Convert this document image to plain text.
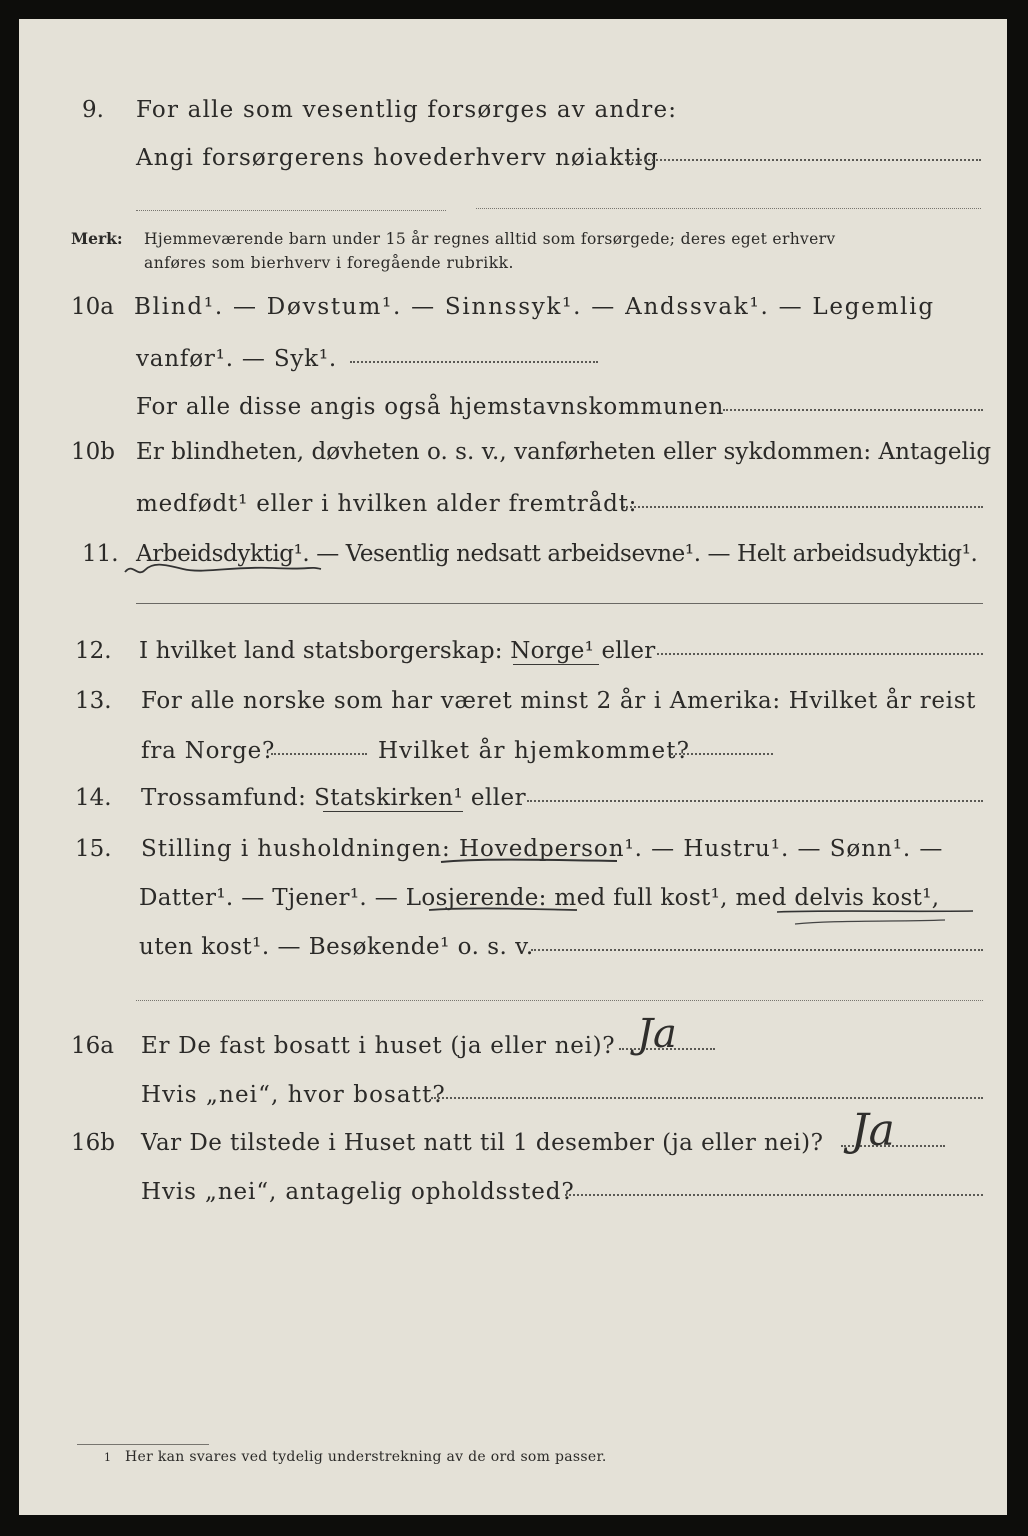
9. For alle som vesentlig forsørges av andre:
Angi forsørgerens hovederhverv nøiaktig
Merk: Hjemmeværende barn under 15 år regnes alltid som forsørgede; deres eget erhverv
anføres som bierhverv i foregående rubrikk.
10a Blind¹. — Døvstum¹. — Sinnssyk¹. — Andssvak¹. — Legemlig
vanfør¹. — Syk¹.
For alle disse angis også hjemstavnskommunen
10b Er blindheten, døvheten o. s. v., vanførheten eller sykdommen: Antagelig
medfødt¹ eller i hvilken alder fremtrådt:
11. Arbeidsdyktig¹. — Vesentlig nedsatt arbeidsevne¹. — Helt arbeidsudyktig¹.
12. I hvilket land statsborgerskap: Norge¹ eller
13. For alle norske som har været minst 2 år i Amerika: Hvilket år reist
fra Norge?	Hvilket år hjemkommet?
14. Trossamfund: Statskirken¹ eller
15. Stilling i husholdningen: Hovedperson¹. — Hustru¹. — Sønn¹. —
Datter¹. — Tjener¹. — Losjerende: med full kost¹, med delvis kost¹,
uten kost¹. — Besøkende¹ o. s. v.
16a Er De fast bosatt i huset (ja eller nei)? Ja
Hvis „nei“, hvor bosatt?
16b Var De tilstede i Huset natt til 1 desember (ja eller nei)? Ja
Hvis „nei“, antagelig opholdssted?
1 Her kan svares ved tydelig understrekning av de ord som passer.
